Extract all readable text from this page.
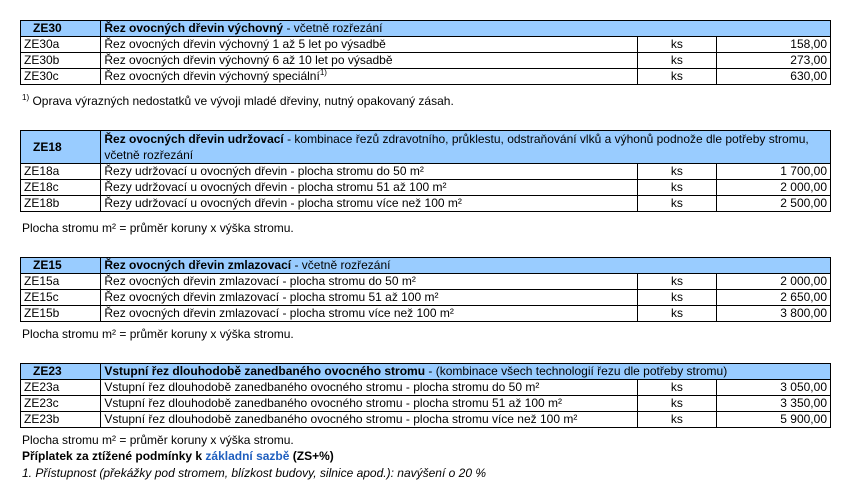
ZE30	Řez ovocných dřevin výchovný - včetně rozřezání		
ZE30a	Řez ovocných dřevin výchovný 1 až 5 let po výsadbě	ks	158,00
ZE30b	Řez ovocných dřevin výchovný 6 až 10 let po výsadbě	ks	273,00
ZE30c	Řez ovocných dřevin výchovný speciální$^{1)}$	ks	630,00
$^{1)}$ Oprava výrazných nedostatků ve vývoji mladé dřeviny, nutný opakovaný zásah.
ZE18	Řez ovocných dřevin udržovací - kombinace řezů zdravotního, průklestu, odstraňování vlků a výhonů podnože dle potřeby stromu, včetně rozřezání		
ZE18a	Řezy udržovací u ovocných dřevin - plocha stromu do 50 m²	ks	1 700,00
ZE18c	Řezy udržovací u ovocných dřevin - plocha stromu 51 až 100 m²	ks	2 000,00
ZE18b	Řezy udržovací u ovocných dřevin - plocha stromu více než 100 m²	ks	2 500,00
Plocha stromu m² = průměr koruny x výška stromu.
ZE15	Řez ovocných dřevin zmlazovací - včetně rozřezání		
ZE15a	Řez ovocných dřevin zmlazovací - plocha stromu do 50 m²	ks	2 000,00
ZE15c	Řez ovocných dřevin zmlazovací - plocha stromu 51 až 100 m²	ks	2 650,00
ZE15b	Řez ovocných dřevin zmlazovací - plocha stromu více než 100 m²	ks	3 800,00
Plocha stromu m² = průměr koruny x výška stromu.
ZE23	Vstupní řez dlouhodobě zanedbaného ovocného stromu - (kombinace všech technologií řezu dle potřeby stromu)		
ZE23a	Vstupní řez dlouhodobě zanedbaného ovocného stromu - plocha stromu do 50 m²	ks	3 050,00
ZE23c	Vstupní řez dlouhodobě zanedbaného ovocného stromu - plocha stromu 51 až 100 m²	ks	3 350,00
ZE23b	Vstupní řez dlouhodobě zanedbaného ovocného stromu - plocha stromu více než 100 m²	ks	5 900,00
Plocha stromu m² = průměr koruny x výška stromu.
Příplatek za ztížené podmínky k základní sazbě (ZS+%)
1. Přístupnost (překážky pod stromem, blízkost budovy, silnice apod.): navýšení o 20 %
